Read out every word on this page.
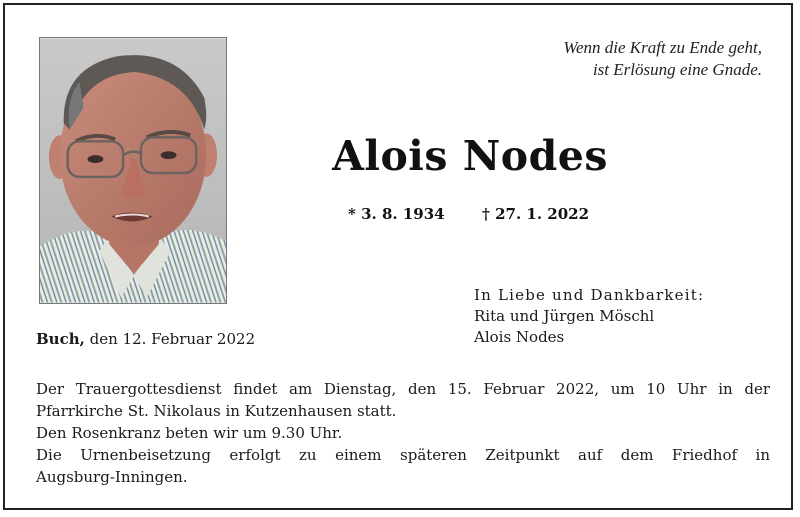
Wenn die Kraft zu Ende geht,
ist Erlösung eine Gnade.
Alois Nodes
* 3. 8. 1934 † 27. 1. 2022
In Liebe und Dankbarkeit:
Rita und Jürgen Möschl
Alois Nodes
Buch, den 12. Februar 2022
Der Trauergottesdienst findet am Dienstag, den 15. Februar 2022, um 10 Uhr in der
Pfarrkirche St. Nikolaus in Kutzenhausen statt.
Den Rosenkranz beten wir um 9.30 Uhr.
Die Urnenbeisetzung erfolgt zu einem späteren Zeitpunkt auf dem Friedhof in
Augsburg-Inningen.
